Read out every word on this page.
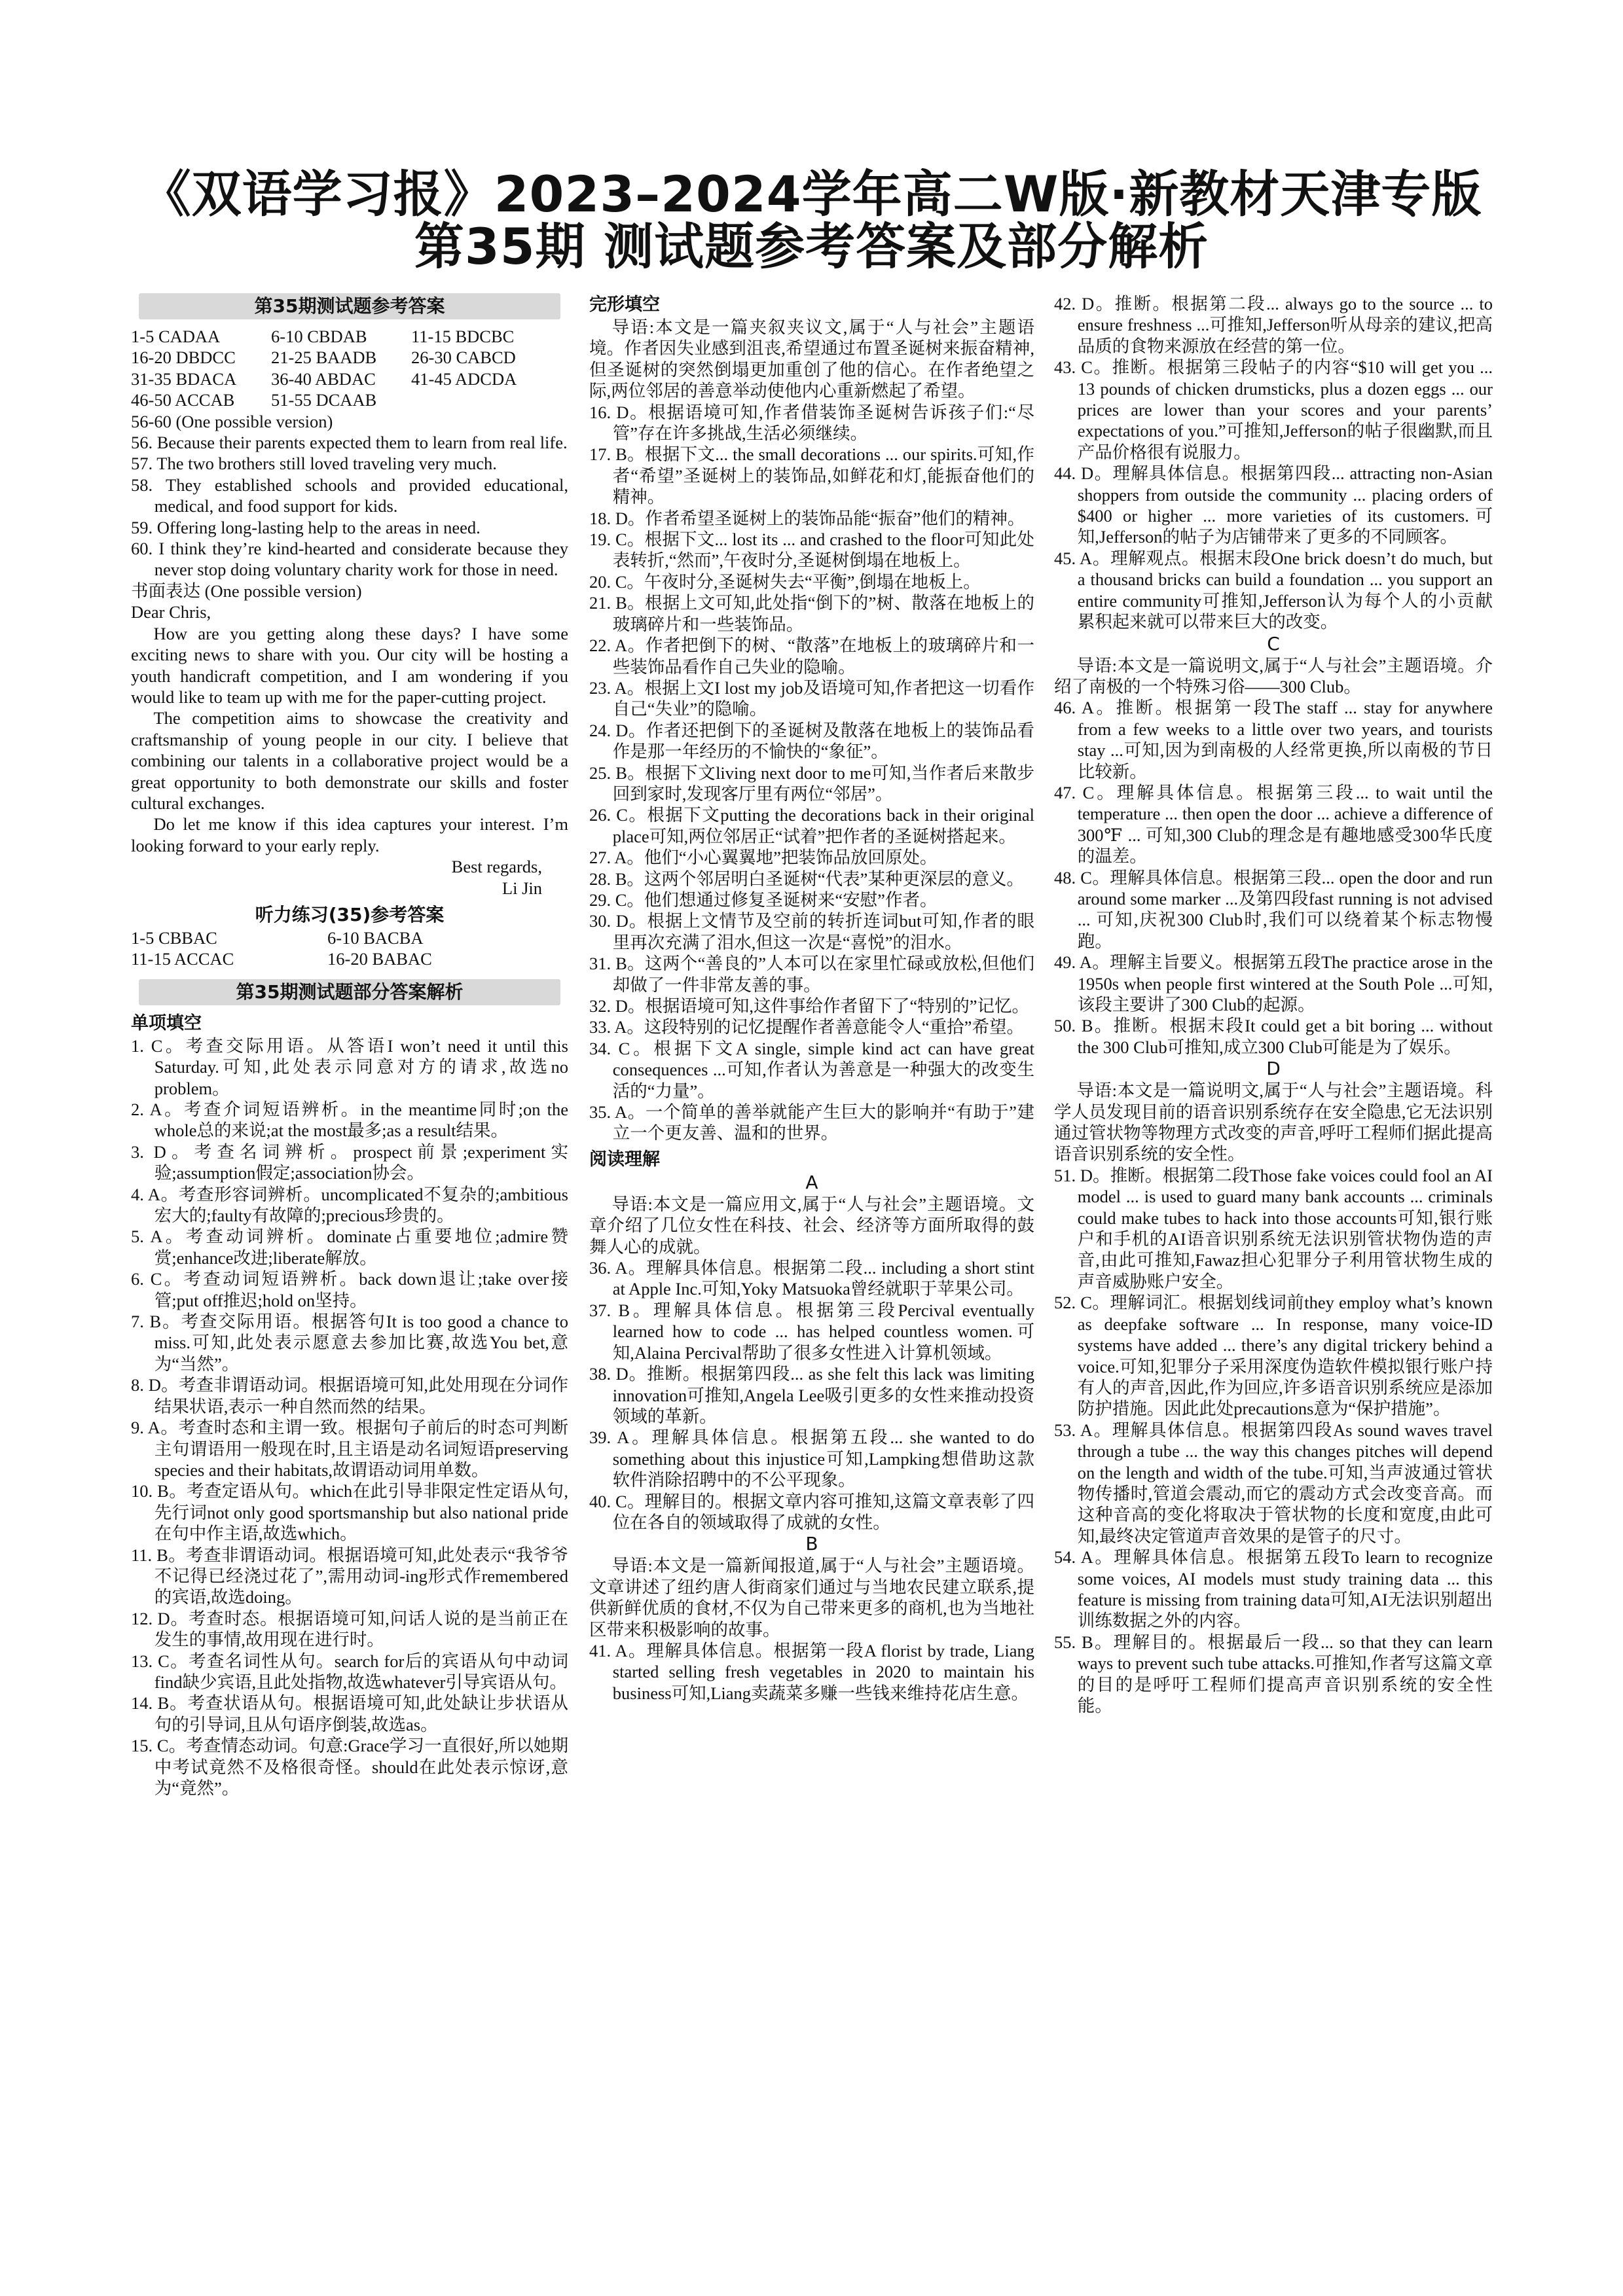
《双语学习报》2023–2024学年高二W版·新教材天津专版
第35期 测试题参考答案及部分解析
第35期测试题参考答案
1-5 CADAA	6-10 CBDAB	11-15 BDCBC
16-20 DBDCC	21-25 BAADB	26-30 CABCD
31-35 BDACA	36-40 ABDAC	41-45 ADCDA
46-50 ACCAB	51-55 DCAAB

56-60 (One possible version)

56. Because their parents expected them to learn from real life.

57. The two brothers still loved traveling very much.

58. They established schools and provided educational, medical, and food support for kids.

59. Offering long-lasting help to the areas in need.

60. I think they’re kind-hearted and considerate because they never stop doing voluntary charity work for those in need.

书面表达 (One possible version)

Dear Chris,

How are you getting along these days? I have some exciting news to share with you. Our city will be hosting a youth handicraft competition, and I am wondering if you would like to team up with me for the paper-cutting project.

The competition aims to showcase the creativity and craftsmanship of young people in our city. I believe that combining our talents in a collaborative project would be a great opportunity to both demonstrate our skills and foster cultural exchanges.

Do let me know if this idea captures your interest. I’m looking forward to your early reply.

Best regards,

Li Jin

听力练习(35)参考答案
1-5 CBBAC	6-10 BACBA
11-15 ACCAC	16-20 BABAC
第35期测试题部分答案解析
单项填空

1. C。考查交际用语。从答语I won’t need it until this Saturday.可知,此处表示同意对方的请求,故选no problem。

2. A。考查介词短语辨析。in the meantime同时;on the whole总的来说;at the most最多;as a result结果。

3. D。考查名词辨析。prospect前景;experiment实验;assumption假定;association协会。

4. A。考查形容词辨析。uncomplicated不复杂的;ambitious宏大的;faulty有故障的;precious珍贵的。

5. A。考查动词辨析。dominate占重要地位;admire赞赏;enhance改进;liberate解放。

6. C。考查动词短语辨析。back down退让;take over接管;put off推迟;hold on坚持。

7. B。考查交际用语。根据答句It is too good a chance to miss.可知,此处表示愿意去参加比赛,故选You bet,意为“当然”。

8. D。考查非谓语动词。根据语境可知,此处用现在分词作结果状语,表示一种自然而然的结果。

9. A。考查时态和主谓一致。根据句子前后的时态可判断主句谓语用一般现在时,且主语是动名词短语preserving species and their habitats,故谓语动词用单数。

10. B。考查定语从句。which在此引导非限定性定语从句,先行词not only good sportsmanship but also national pride在句中作主语,故选which。

11. B。考查非谓语动词。根据语境可知,此处表示“我爷爷不记得已经浇过花了”,需用动词-ing形式作remembered的宾语,故选doing。

12. D。考查时态。根据语境可知,问话人说的是当前正在发生的事情,故用现在进行时。

13. C。考查名词性从句。search for后的宾语从句中动词find缺少宾语,且此处指物,故选whatever引导宾语从句。

14. B。考查状语从句。根据语境可知,此处缺让步状语从句的引导词,且从句语序倒装,故选as。

15. C。考查情态动词。句意:Grace学习一直很好,所以她期中考试竟然不及格很奇怪。should在此处表示惊讶,意为“竟然”。

完形填空

导语:本文是一篇夹叙夹议文,属于“人与社会”主题语境。作者因失业感到沮丧,希望通过布置圣诞树来振奋精神,但圣诞树的突然倒塌更加重创了他的信心。在作者绝望之际,两位邻居的善意举动使他内心重新燃起了希望。

16. D。根据语境可知,作者借装饰圣诞树告诉孩子们:“尽管”存在许多挑战,生活必须继续。

17. B。根据下文... the small decorations ... our spirits.可知,作者“希望”圣诞树上的装饰品,如鲜花和灯,能振奋他们的精神。

18. D。作者希望圣诞树上的装饰品能“振奋”他们的精神。

19. C。根据下文... lost its ... and crashed to the floor可知此处表转折,“然而”,午夜时分,圣诞树倒塌在地板上。

20. C。午夜时分,圣诞树失去“平衡”,倒塌在地板上。

21. B。根据上文可知,此处指“倒下的”树、散落在地板上的玻璃碎片和一些装饰品。

22. A。作者把倒下的树、“散落”在地板上的玻璃碎片和一些装饰品看作自己失业的隐喻。

23. A。根据上文I lost my job及语境可知,作者把这一切看作自己“失业”的隐喻。

24. D。作者还把倒下的圣诞树及散落在地板上的装饰品看作是那一年经历的不愉快的“象征”。

25. B。根据下文living next door to me可知,当作者后来散步回到家时,发现客厅里有两位“邻居”。

26. C。根据下文putting the decorations back in their original place可知,两位邻居正“试着”把作者的圣诞树搭起来。

27. A。他们“小心翼翼地”把装饰品放回原处。

28. B。这两个邻居明白圣诞树“代表”某种更深层的意义。

29. C。他们想通过修复圣诞树来“安慰”作者。

30. D。根据上文情节及空前的转折连词but可知,作者的眼里再次充满了泪水,但这一次是“喜悦”的泪水。

31. B。这两个“善良的”人本可以在家里忙碌或放松,但他们却做了一件非常友善的事。

32. D。根据语境可知,这件事给作者留下了“特别的”记忆。

33. A。这段特别的记忆提醒作者善意能令人“重拾”希望。

34. C。根据下文A single, simple kind act can have great consequences ...可知,作者认为善意是一种强大的改变生活的“力量”。

35. A。一个简单的善举就能产生巨大的影响并“有助于”建立一个更友善、温和的世界。

阅读理解
A

导语:本文是一篇应用文,属于“人与社会”主题语境。文章介绍了几位女性在科技、社会、经济等方面所取得的鼓舞人心的成就。

36. A。理解具体信息。根据第二段... including a short stint at Apple Inc.可知,Yoky Matsuoka曾经就职于苹果公司。

37. B。理解具体信息。根据第三段Percival eventually learned how to code ... has helped countless women.可知,Alaina Percival帮助了很多女性进入计算机领域。

38. D。推断。根据第四段... as she felt this lack was limiting innovation可推知,Angela Lee吸引更多的女性来推动投资领域的革新。

39. A。理解具体信息。根据第五段... she wanted to do something about this injustice可知,Lampking想借助这款软件消除招聘中的不公平现象。

40. C。理解目的。根据文章内容可推知,这篇文章表彰了四位在各自的领域取得了成就的女性。

B

导语:本文是一篇新闻报道,属于“人与社会”主题语境。文章讲述了纽约唐人街商家们通过与当地农民建立联系,提供新鲜优质的食材,不仅为自己带来更多的商机,也为当地社区带来积极影响的故事。

41. A。理解具体信息。根据第一段A florist by trade, Liang started selling fresh vegetables in 2020 to maintain his business可知,Liang卖蔬菜多赚一些钱来维持花店生意。

42. D。推断。根据第二段... always go to the source ... to ensure freshness ...可推知,Jefferson听从母亲的建议,把高品质的食物来源放在经营的第一位。

43. C。推断。根据第三段帖子的内容“$10 will get you ... 13 pounds of chicken drumsticks, plus a dozen eggs ... our prices are lower than your scores and your parents’ expectations of you.”可推知,Jefferson的帖子很幽默,而且产品价格很有说服力。

44. D。理解具体信息。根据第四段... attracting non-Asian shoppers from outside the community ... placing orders of $400 or higher ... more varieties of its customers.可知,Jefferson的帖子为店铺带来了更多的不同顾客。

45. A。理解观点。根据末段One brick doesn’t do much, but a thousand bricks can build a foundation ... you support an entire community可推知,Jefferson认为每个人的小贡献累积起来就可以带来巨大的改变。

C

导语:本文是一篇说明文,属于“人与社会”主题语境。介绍了南极的一个特殊习俗——300 Club。

46. A。推断。根据第一段The staff ... stay for anywhere from a few weeks to a little over two years, and tourists stay ...可知,因为到南极的人经常更换,所以南极的节日比较新。

47. C。理解具体信息。根据第三段... to wait until the temperature ... then open the door ... achieve a difference of 300℉ ... 可知,300 Club的理念是有趣地感受300华氏度的温差。

48. C。理解具体信息。根据第三段... open the door and run around some marker ...及第四段fast running is not advised ... 可知,庆祝300 Club时,我们可以绕着某个标志物慢跑。

49. A。理解主旨要义。根据第五段The practice arose in the 1950s when people first wintered at the South Pole ...可知,该段主要讲了300 Club的起源。

50. B。推断。根据末段It could get a bit boring ... without the 300 Club可推知,成立300 Club可能是为了娱乐。

D

导语:本文是一篇说明文,属于“人与社会”主题语境。科学人员发现目前的语音识别系统存在安全隐患,它无法识别通过管状物等物理方式改变的声音,呼吁工程师们据此提高语音识别系统的安全性。

51. D。推断。根据第二段Those fake voices could fool an AI model ... is used to guard many bank accounts ... criminals could make tubes to hack into those accounts可知,银行账户和手机的AI语音识别系统无法识别管状物伪造的声音,由此可推知,Fawaz担心犯罪分子利用管状物生成的声音威胁账户安全。

52. C。理解词汇。根据划线词前they employ what’s known as deepfake software ... In response, many voice-ID systems have added ... there’s any digital trickery behind a voice.可知,犯罪分子采用深度伪造软件模拟银行账户持有人的声音,因此,作为回应,许多语音识别系统应是添加防护措施。因此此处precautions意为“保护措施”。

53. A。理解具体信息。根据第四段As sound waves travel through a tube ... the way this changes pitches will depend on the length and width of the tube.可知,当声波通过管状物传播时,管道会震动,而它的震动方式会改变音高。而这种音高的变化将取决于管状物的长度和宽度,由此可知,最终决定管道声音效果的是管子的尺寸。

54. A。理解具体信息。根据第五段To learn to recognize some voices, AI models must study training data ... this feature is missing from training data可知,AI无法识别超出训练数据之外的内容。

55. B。理解目的。根据最后一段... so that they can learn ways to prevent such tube attacks.可推知,作者写这篇文章的目的是呼吁工程师们提高声音识别系统的安全性能。
